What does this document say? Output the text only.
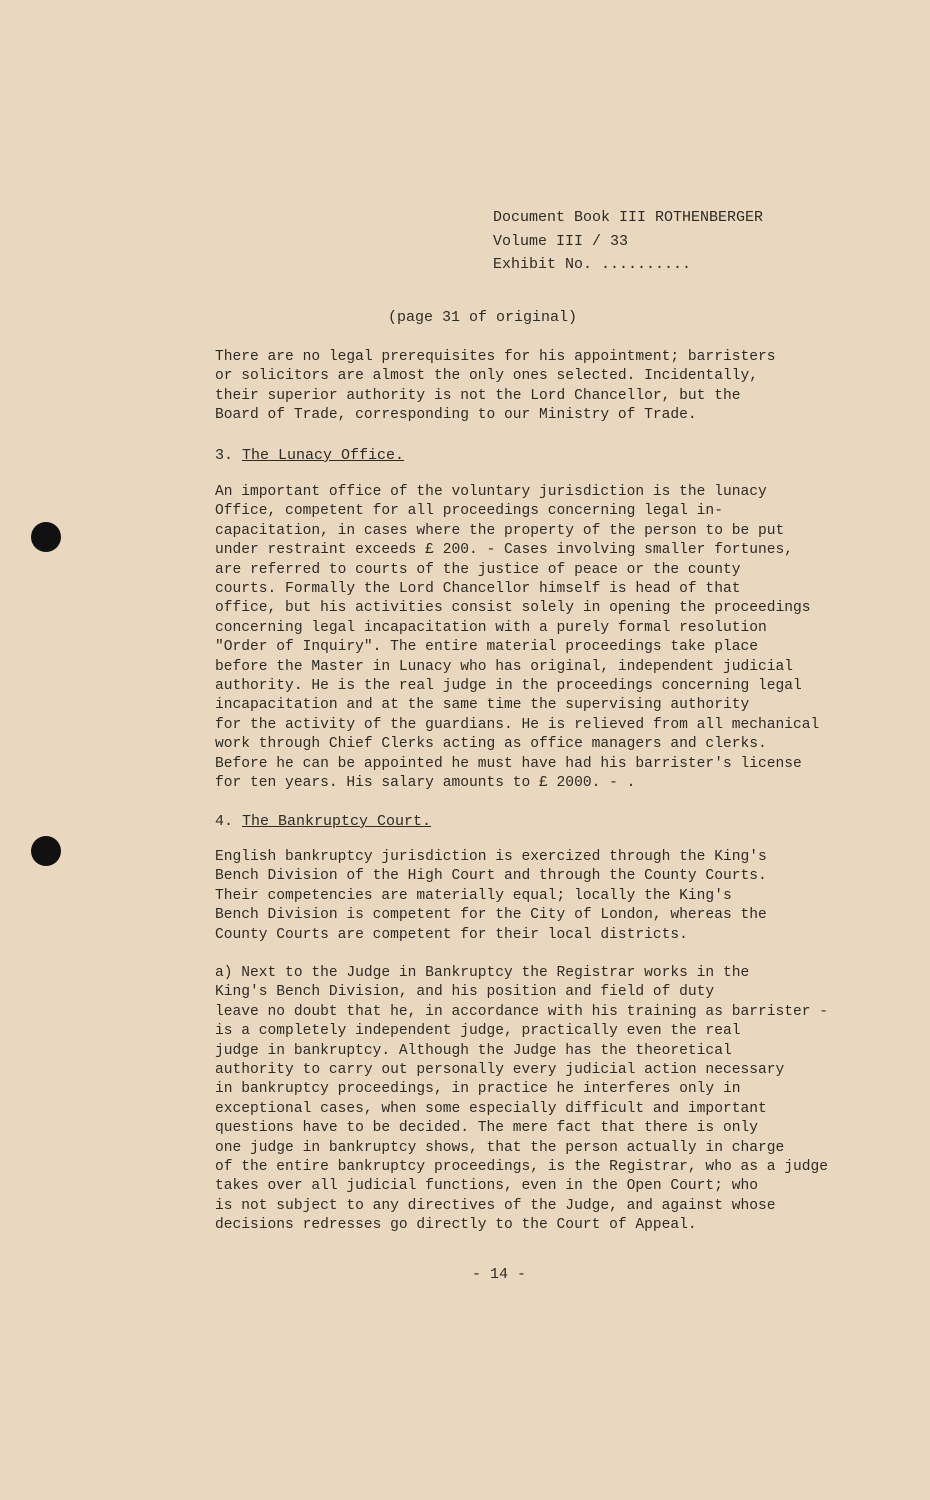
Document Book III ROTHENBERGER
Volume III / 33
Exhibit No. ..........
(page 31 of original)
There are no legal prerequisites for his appointment; barristers
or solicitors are almost the only ones selected. Incidentally,
their superior authority is not the Lord Chancellor, but the
Board of Trade, corresponding to our Ministry of Trade.
3. The Lunacy Office.
An important office of the voluntary jurisdiction is the lunacy
Office, competent for all proceedings concerning legal in-
capacitation, in cases where the property of the person to be put
under restraint exceeds £ 200. - Cases involving smaller fortunes,
are referred to courts of the justice of peace or the county
courts. Formally the Lord Chancellor himself is head of that
office, but his activities consist solely in opening the proceedings
concerning legal incapacitation with a purely formal resolution
"Order of Inquiry". The entire material proceedings take place
before the Master in Lunacy who has original, independent judicial
authority. He is the real judge in the proceedings concerning legal
incapacitation and at the same time the supervising authority
for the activity of the guardians. He is relieved from all mechanical
work through Chief Clerks acting as office managers and clerks.
Before he can be appointed he must have had his barrister's license
for ten years. His salary amounts to £ 2000. - .
4. The Bankruptcy Court.
English bankruptcy jurisdiction is exercized through the King's
Bench Division of the High Court and through the County Courts.
Their competencies are materially equal; locally the King's
Bench Division is competent for the City of London, whereas the
County Courts are competent for their local districts.
a) Next to the Judge in Bankruptcy the Registrar works in the
King's Bench Division, and his position and field of duty
leave no doubt that he, in accordance with his training as barrister -
is a completely independent judge, practically even the real
judge in bankruptcy. Although the Judge has the theoretical
authority to carry out personally every judicial action necessary
in bankruptcy proceedings, in practice he interferes only in
exceptional cases, when some especially difficult and important
questions have to be decided. The mere fact that there is only
one judge in bankruptcy shows, that the person actually in charge
of the entire bankruptcy proceedings, is the Registrar, who as a judge
takes over all judicial functions, even in the Open Court; who
is not subject to any directives of the Judge, and against whose
decisions redresses go directly to the Court of Appeal.
- 14 -
